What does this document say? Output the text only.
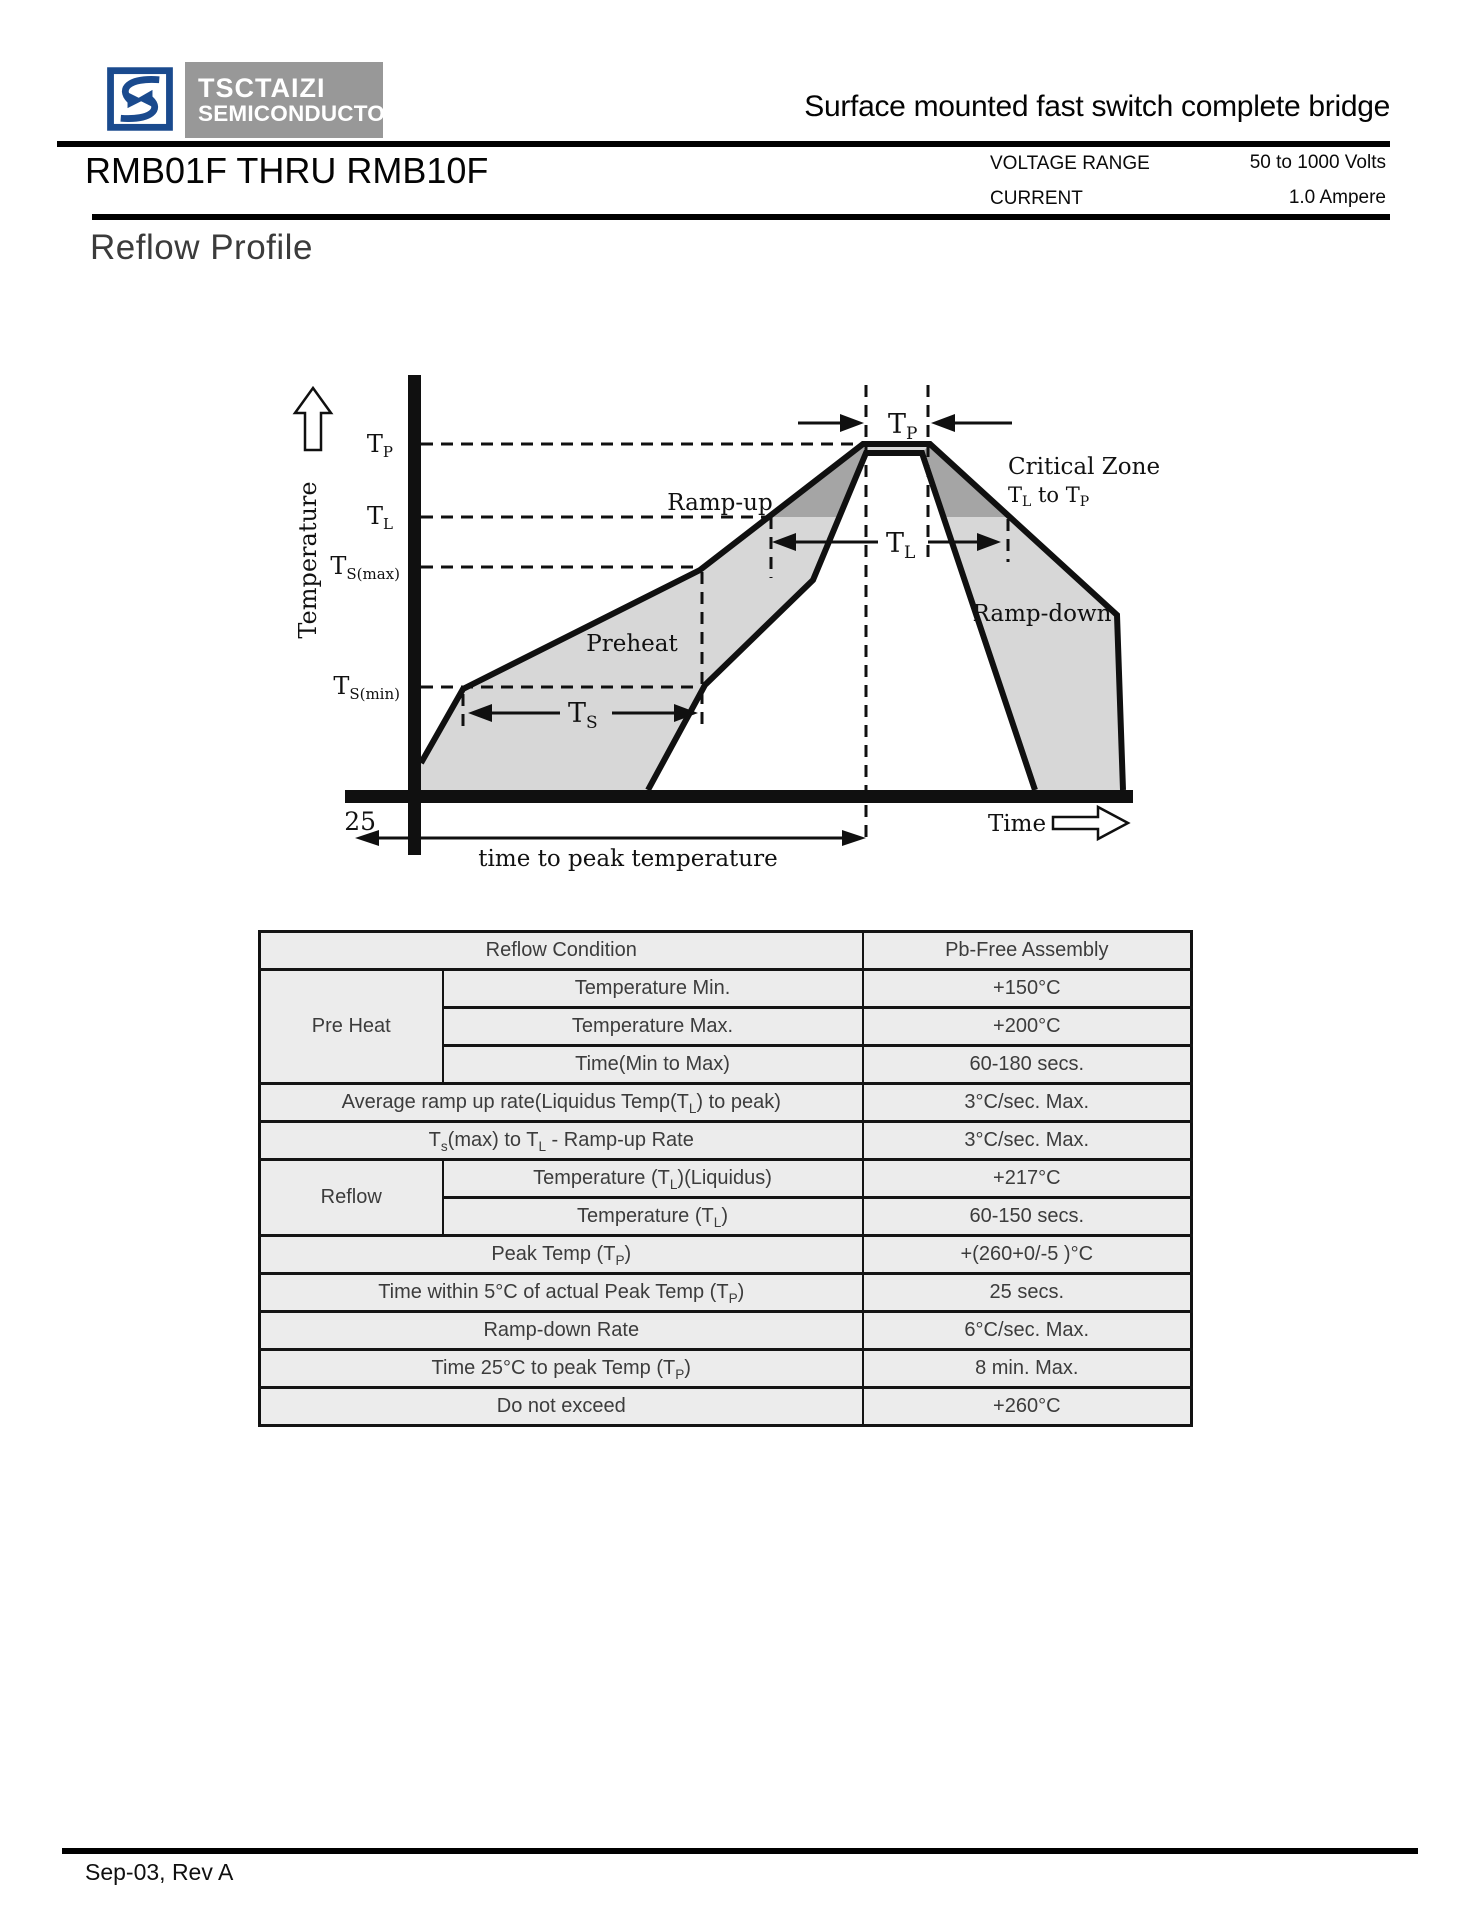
TSCTAIZI
SEMICONDUCTOR	Surface mounted fast switch complete bridge
RMB01F THRU RMB10F	VOLTAGE RANGE	50 to 1000 Volts
CURRENT	1.0 Ampere
Reflow Profile
$T_P$
$T_L$
$T_{S(max)}$
$T_{S(min)}$
25
Temperature
$T_P$
$T_L$
$T_S$
Ramp-up
Preheat
Ramp-down
Critical Zone
TL to TP
time to peak temperature
Time
Reflow Condition		Pb-Free Assembly
Pre Heat	Temperature Min.	+150°C
	Temperature Max.	+200°C
	Time(Min to Max)	60-180 secs.
Average ramp up rate(Liquidus $Temp(T_L)$ to peak)		3°C/sec. Max.
$T_s(\max)$ to $T_L$ - Ramp-up Rate		3°C/sec. Max.
Reflow	Temperature $(T_L)(Liquidus)$	+217°C
	Temperature $(T_L)$	60-150 secs.
Peak Temp $(T_P)$		+(260+0/-5 )°C
Time within 5°C of actual Peak Temp $(T_P)$		25 secs.
Ramp-down Rate		6°C/sec. Max.
Time 25°C to peak Temp $(T_P)$		8 min. Max.
Do not exceed		+260°C
Sep-03, Rev A
